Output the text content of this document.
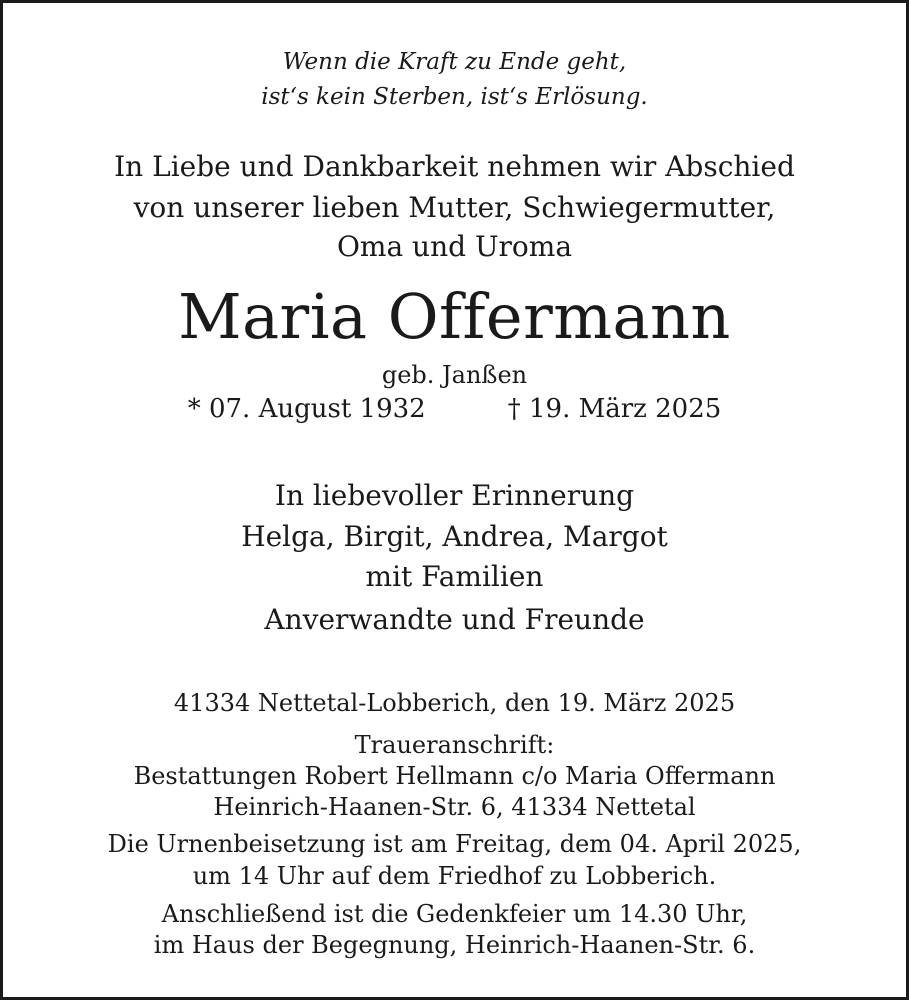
Wenn die Kraft zu Ende geht,

ist‘s kein Sterben, ist‘s Erlösung.

In Liebe und Dankbarkeit nehmen wir Abschied

von unserer lieben Mutter, Schwiegermutter,

Oma und Uroma

Maria Offermann

geb. Janßen

* 07. August 1932	† 19. März 2025

In liebevoller Erinnerung

Helga, Birgit, Andrea, Margot

mit Familien

Anverwandte und Freunde

41334 Nettetal-Lobberich, den 19. März 2025

Traueranschrift:

Bestattungen Robert Hellmann c/o Maria Offermann

Heinrich-Haanen-Str. 6, 41334 Nettetal

Die Urnenbeisetzung ist am Freitag, dem 04. April 2025,

um 14 Uhr auf dem Friedhof zu Lobberich.

Anschließend ist die Gedenkfeier um 14.30 Uhr,

im Haus der Begegnung, Heinrich-Haanen-Str. 6.
